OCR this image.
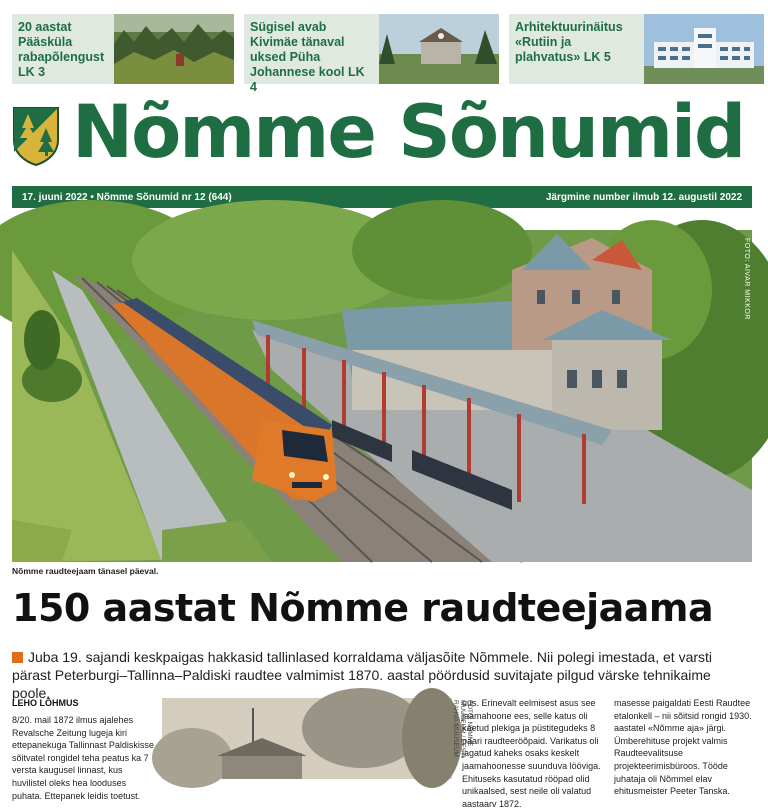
20 aastat Pääsküla rabapõlengust LK 3
Sügisel avab Kivimäe tänaval uksed Püha Johannese kool LK 4
Arhitektuurinäitus «Rutiin ja plahvatus» LK 5
Nõmme Sõnumid
17. juuni 2022 • Nõmme Sõnumid nr 12 (644)	Järgmine number ilmub 12. augustil 2022
FOTO: AIVAR MIKKOR
Nõmme raudteejaam tänasel päeval.
150 aastat Nõmme raudteejaama
Juba 19. sajandi keskpaigas hakkasid tallinlased korraldama väljasõite Nõmmele. Nii polegi imestada, et varsti pärast Peterburgi–Tallinna–Paldiski raudtee valmimist 1870. aastal pöördusid suvitajate pilgud värske tehnikaime poole.
LEHO LÕHMUS
8/20. mail 1872 ilmus ajalehes Revalsche Zeitung lugeja kiri ettepanekuga Tallinnast Paldiskisse sõitvatel rongidel teha peatus ka 7 versta kaugusel linnast, kus huvilistel oleks hea looduses puhata. Ettepanek leidis toetust.
FOTO: NÕMME MUUSEUM / EESTI RAHVA MUUSEUM uus. Erinevalt eelmisest asus see jaamahoone ees, selle katus oli kaetud plekiga ja püstitegudeks 8 paari raudteeröõpaid. Varikatus oli jagatud kaheks osaks keskelt jaamahoonesse suunduva lööviga. Ehituseks kasutatud rööpad olid unikaalsed, sest neile oli valatud aastaarv 1872.
masesse paigaldati Eesti Raudtee etalonkell – nii sõitsid rongid 1930. aastatel «Nõmme aja» järgi. Ümberehituse projekt valmis Raudteevalitsuse projekteerimisbüroos. Tööde juhataja oli Nõmmel elav ehitusmeister Peeter Tanska.
